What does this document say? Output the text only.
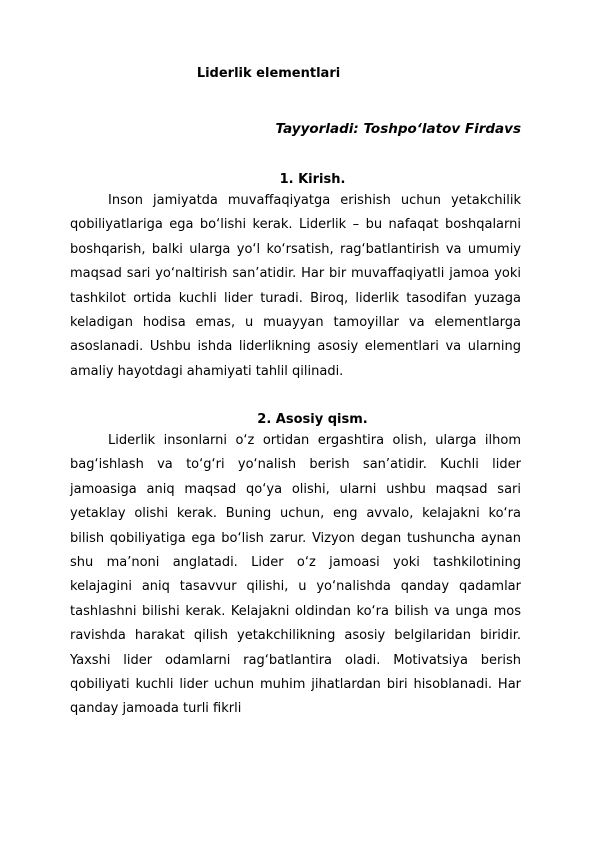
Liderlik elementlari
Tayyorladi: Toshpo‘latov Firdavs
1. Kirish.
Inson jamiyatda muvaffaqiyatga erishish uchun yetakchilik qobiliyatlariga ega bo‘lishi kerak. Liderlik – bu nafaqat boshqalarni boshqarish, balki ularga yo‘l ko‘rsatish, rag‘batlantirish va umumiy maqsad sari yo‘naltirish san’atidir. Har bir muvaffaqiyatli jamoa yoki tashkilot ortida kuchli lider turadi. Biroq, liderlik tasodifan yuzaga keladigan hodisa emas, u muayyan tamoyillar va elementlarga asoslanadi. Ushbu ishda liderlikning asosiy elementlari va ularning amaliy hayotdagi ahamiyati tahlil qilinadi.
2. Asosiy qism.
Liderlik insonlarni o‘z ortidan ergashtira olish, ularga ilhom bag‘ishlash va to‘g‘ri yo‘nalish berish san’atidir. Kuchli lider jamoasiga aniq maqsad qo‘ya olishi, ularni ushbu maqsad sari yetaklay olishi kerak. Buning uchun, eng avvalo, kelajakni ko‘ra bilish qobiliyatiga ega bo‘lish zarur. Vizyon degan tushuncha aynan shu ma’noni anglatadi. Lider o‘z jamoasi yoki tashkilotining kelajagini aniq tasavvur qilishi, u yo‘nalishda qanday qadamlar tashlashni bilishi kerak. Kelajakni oldindan ko‘ra bilish va unga mos ravishda harakat qilish yetakchilikning asosiy belgilaridan biridir. Yaxshi lider odamlarni rag‘batlantira oladi. Motivatsiya berish qobiliyati kuchli lider uchun muhim jihatlardan biri hisoblanadi. Har qanday jamoada turli fikrli
